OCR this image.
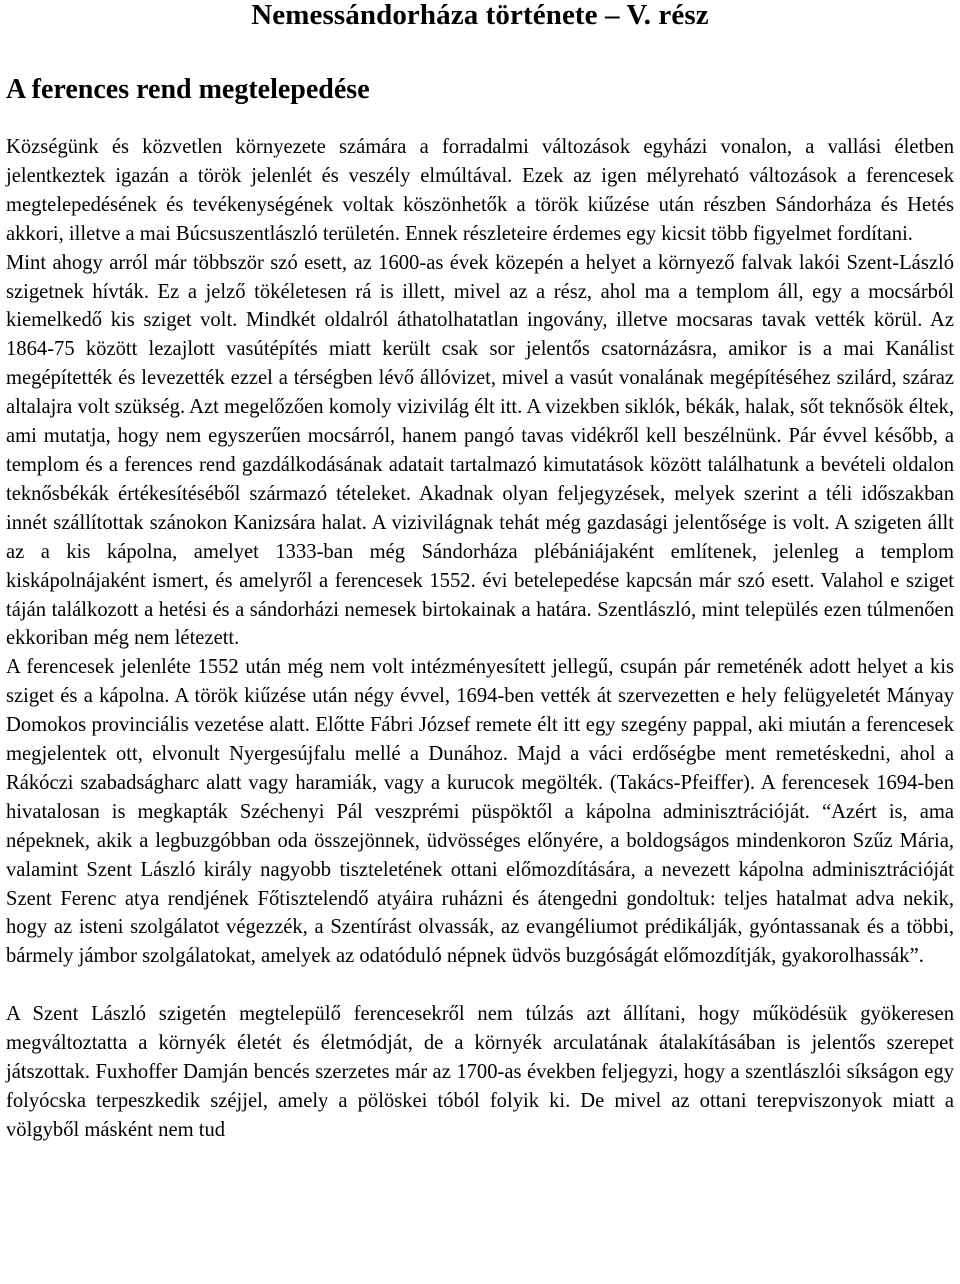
Nemessándorháza története – V. rész
A ferences rend megtelepedése

Községünk és közvetlen környezete számára a forradalmi változások egyházi vonalon, a vallási életben jelentkeztek igazán a török jelenlét és veszély elmúltával. Ezek az igen mélyreható változások a ferencesek megtelepedésének és tevékenységének voltak köszönhetők a török kiűzése után részben Sándorháza és Hetés akkori, illetve a mai Búcsuszentlászló területén. Ennek részleteire érdemes egy kicsit több figyelmet fordítani.

Mint ahogy arról már többször szó esett, az 1600-as évek közepén a helyet a környező falvak lakói Szent-László szigetnek hívták. Ez a jelző tökéletesen rá is illett, mivel az a rész, ahol ma a templom áll, egy a mocsárból kiemelkedő kis sziget volt. Mindkét oldalról áthatolhatatlan ingovány, illetve mocsaras tavak vették körül. Az 1864-75 között lezajlott vasútépítés miatt került csak sor jelentős csatornázásra, amikor is a mai Kanálist megépítették és levezették ezzel a térségben lévő állóvizet, mivel a vasút vonalának megépítéséhez szilárd, száraz altalajra volt szükség. Azt megelőzően komoly vizivilág élt itt. A vizekben siklók, békák, halak, sőt teknősök éltek, ami mutatja, hogy nem egyszerűen mocsárról, hanem pangó tavas vidékről kell beszélnünk. Pár évvel később, a templom és a ferences rend gazdálkodásának adatait tartalmazó kimutatások között találhatunk a bevételi oldalon teknősbékák értékesítéséből származó tételeket. Akadnak olyan feljegyzések, melyek szerint a téli időszakban innét szállítottak szánokon Kanizsára halat. A vizivilágnak tehát még gazdasági jelentősége is volt. A szigeten állt az a kis kápolna, amelyet 1333-ban még Sándorháza plébániájaként említenek, jelenleg a templom kiskápolnájaként ismert, és amelyről a ferencesek 1552. évi betelepedése kapcsán már szó esett. Valahol e sziget táján találkozott a hetési és a sándorházi nemesek birtokainak a határa. Szentlászló, mint település ezen túlmenően ekkoriban még nem létezett.

A ferencesek jelenléte 1552 után még nem volt intézményesített jellegű, csupán pár remeténék adott helyet a kis sziget és a kápolna. A török kiűzése után négy évvel, 1694-ben vették át szervezetten e hely felügyeletét Mányay Domokos provinciális vezetése alatt. Előtte Fábri József remete élt itt egy szegény pappal, aki miután a ferencesek megjelentek ott, elvonult Nyergesújfalu mellé a Dunához. Majd a váci erdőségbe ment remetéskedni, ahol a Rákóczi szabadságharc alatt vagy haramiák, vagy a kurucok megölték. (Takács-Pfeiffer). A ferencesek 1694-ben hivatalosan is megkapták Széchenyi Pál veszprémi püspöktől a kápolna adminisztrációját. “Azért is, ama népeknek, akik a legbuzgóbban oda összejönnek, üdvösséges előnyére, a boldogságos mindenkoron Szűz Mária, valamint Szent László király nagyobb tiszteletének ottani előmozdítására, a nevezett kápolna adminisztrációját Szent Ferenc atya rendjének Főtisztelendő atyáira ruházni és átengedni gondoltuk: teljes hatalmat adva nekik, hogy az isteni szolgálatot végezzék, a Szentírást olvassák, az evangéliumot prédikálják, gyóntassanak és a többi, bármely jámbor szolgálatokat, amelyek az odatóduló népnek üdvös buzgóságát előmozdítják, gyakorolhassák”.

A Szent László szigetén megtelepülő ferencesekről nem túlzás azt állítani, hogy működésük gyökeresen megváltoztatta a környék életét és életmódját, de a környék arculatának átalakításában is jelentős szerepet játszottak. Fuxhoffer Damján bencés szerzetes már az 1700-as években feljegyzi, hogy a szentlászlói síkságon egy folyócska terpeszkedik széjjel, amely a pölöskei tóból folyik ki. De mivel az ottani terepviszonyok miatt a völgyből másként nem tud
